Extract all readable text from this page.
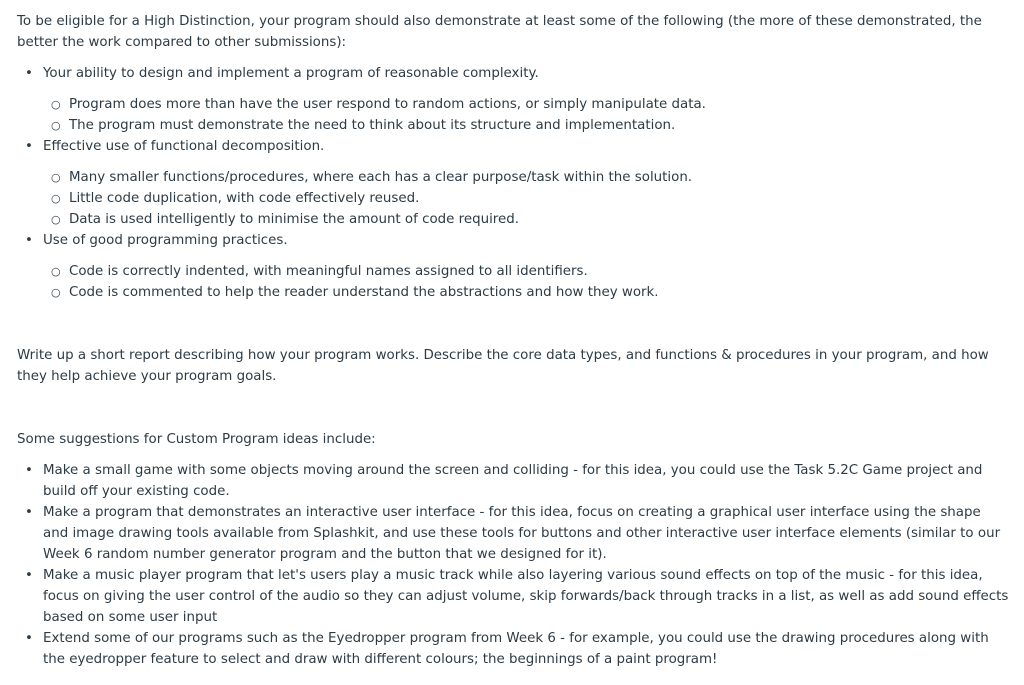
To be eligible for a High Distinction, your program should also demonstrate at least some of the following (the more of these demonstrated, the better the work compared to other submissions):

• Your ability to design and implement a program of reasonable complexity.
○ Program does more than have the user respond to random actions, or simply manipulate data.
○ The program must demonstrate the need to think about its structure and implementation.
• Effective use of functional decomposition.
○ Many smaller functions/procedures, where each has a clear purpose/task within the solution.
○ Little code duplication, with code effectively reused.
○ Data is used intelligently to minimise the amount of code required.
• Use of good programming practices.
○ Code is correctly indented, with meaningful names assigned to all identifiers.
○ Code is commented to help the reader understand the abstractions and how they work.

Write up a short report describing how your program works. Describe the core data types, and functions & procedures in your program, and how they help achieve your program goals.

Some suggestions for Custom Program ideas include:

• Make a small game with some objects moving around the screen and colliding - for this idea, you could use the Task 5.2C Game project and build off your existing code.
• Make a program that demonstrates an interactive user interface - for this idea, focus on creating a graphical user interface using the shape and image drawing tools available from Splashkit, and use these tools for buttons and other interactive user interface elements (similar to our Week 6 random number generator program and the button that we designed for it).
• Make a music player program that let's users play a music track while also layering various sound effects on top of the music - for this idea, focus on giving the user control of the audio so they can adjust volume, skip forwards/back through tracks in a list, as well as add sound effects based on some user input
• Extend some of our programs such as the Eyedropper program from Week 6 - for example, you could use the drawing procedures along with the eyedropper feature to select and draw with different colours; the beginnings of a paint program!
